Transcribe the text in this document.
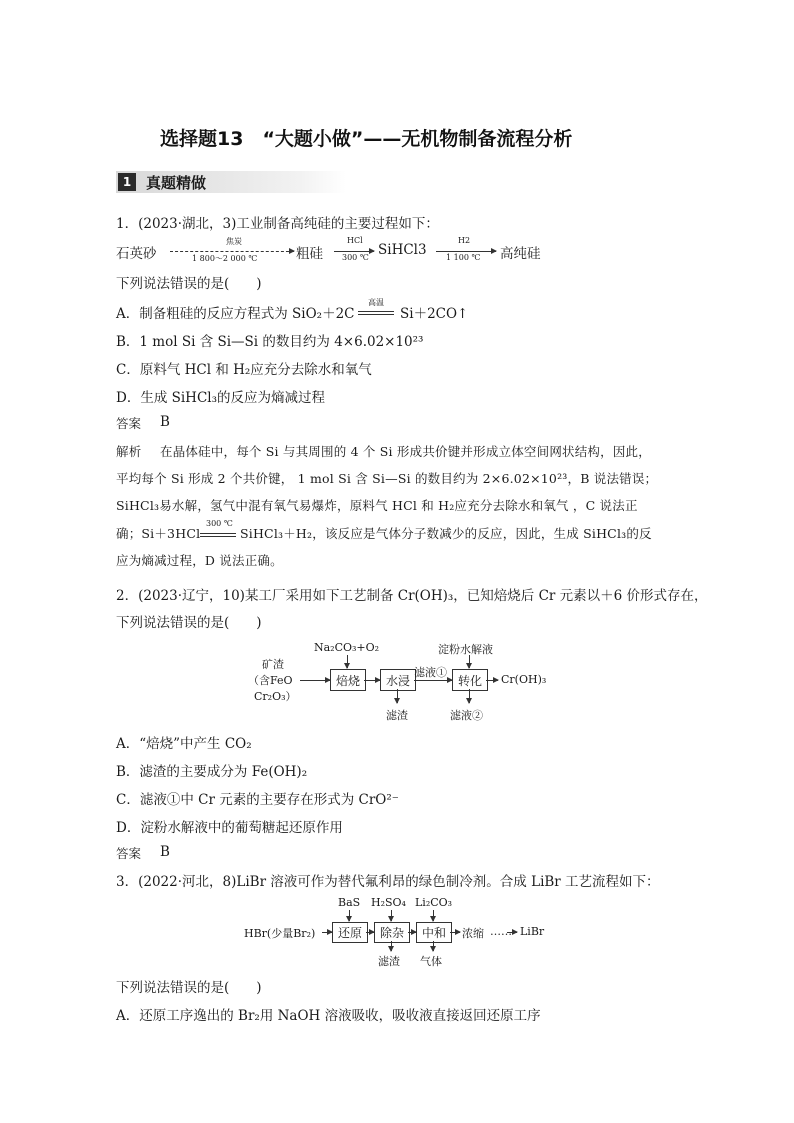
选择题13　“大题小做”——无机物制备流程分析
1 真题精做
1．(2023·湖北，3)工业制备高纯硅的主要过程如下：
石英砂
焦炭
1 800～2 000 ℃	粗硅
HCl
300 ℃ SiHCl3
H2
1 100 ℃ 高纯硅
下列说法错误的是(　　)
A．制备粗硅的反应方程式为 SiO₂＋2C
高温
Si＋2CO↑
B．1 mol Si 含 Si—Si 的数目约为 4×6.02×10²³
C．原料气 HCl 和 H₂应充分去除水和氧气
D．生成 SiHCl₃的反应为熵减过程
答案 B
解析 在晶体硅中，每个 Si 与其周围的 4 个 Si 形成共价键并形成立体空间网状结构，因此，
平均每个 Si 形成 2 个共价键， 1 mol Si 含 Si—Si 的数目约为 2×6.02×10²³，B 说法错误；
SiHCl₃易水解，氢气中混有氧气易爆炸，原料气 HCl 和 H₂应充分去除水和氧气 ，C 说法正
确；Si＋3HCl
300 ℃
SiHCl₃＋H₂，该反应是气体分子数减少的反应，因此，生成 SiHCl₃的反
应为熵减过程，D 说法正确。
2．(2023·辽宁，10)某工厂采用如下工艺制备 Cr(OH)₃，已知焙烧后 Cr 元素以＋6 价形式存在，
下列说法错误的是(　　)
矿渣
（含FeO
Cr₂O₃）
Na₂CO₃+O₂
焙烧	水浸
滤渣
滤液①
淀粉水解液
转化
滤液②
Cr(OH)₃
A．“焙烧”中产生 CO₂
B．滤渣的主要成分为 Fe(OH)₂
C．滤液①中 Cr 元素的主要存在形式为 CrO²⁻
D．淀粉水解液中的葡萄糖起还原作用
答案 B
3．(2022·河北，8)LiBr 溶液可作为替代氟利昂的绿色制冷剂。合成 LiBr 工艺流程如下：
HBr(少量Br₂)
BaS
还原
H₂SO₄
除杂
滤渣
Li₂CO₃
中和
气体
浓缩 …… LiBr
下列说法错误的是(　　)
A．还原工序逸出的 Br₂用 NaOH 溶液吸收，吸收液直接返回还原工序
